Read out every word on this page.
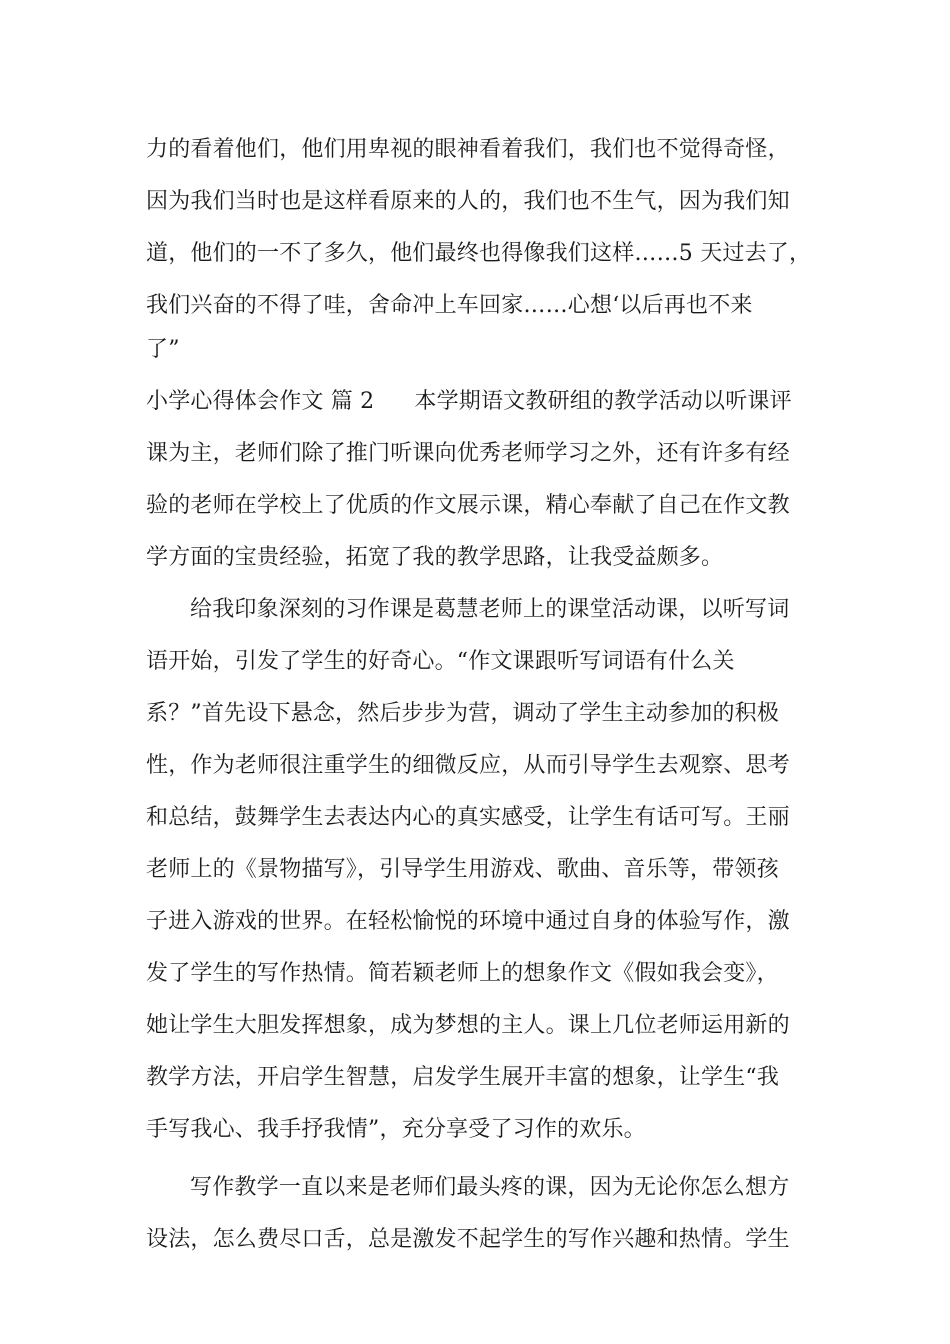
力的看着他们，他们用卑视的眼神看着我们，我们也不觉得奇怪，
因为我们当时也是这样看原来的人的，我们也不生气，因为我们知
道，他们的一不了多久，他们最终也得像我们这样……5 天过去了，
我们兴奋的不得了哇，舍命冲上车回家……心想‘以后再也不来
了”
小学心得体会作文 篇 2 本学期语文教研组的教学活动以听课评
课为主，老师们除了推门听课向优秀老师学习之外，还有许多有经
验的老师在学校上了优质的作文展示课，精心奉献了自己在作文教
学方面的宝贵经验，拓宽了我的教学思路，让我受益颇多。
给我印象深刻的习作课是葛慧老师上的课堂活动课，以听写词
语开始，引发了学生的好奇心。“作文课跟听写词语有什么关
系？”首先设下悬念，然后步步为营，调动了学生主动参加的积极
性，作为老师很注重学生的细微反应，从而引导学生去观察、思考
和总结，鼓舞学生去表达内心的真实感受，让学生有话可写。王丽
老师上的《景物描写》，引导学生用游戏、歌曲、音乐等，带领孩
子进入游戏的世界。在轻松愉悦的环境中通过自身的体验写作，激
发了学生的写作热情。简若颖老师上的想象作文《假如我会变》，
她让学生大胆发挥想象，成为梦想的主人。课上几位老师运用新的
教学方法，开启学生智慧，启发学生展开丰富的想象，让学生“我
手写我心、我手抒我情”，充分享受了习作的欢乐。
写作教学一直以来是老师们最头疼的课，因为无论你怎么想方
设法，怎么费尽口舌，总是激发不起学生的写作兴趣和热情。学生
